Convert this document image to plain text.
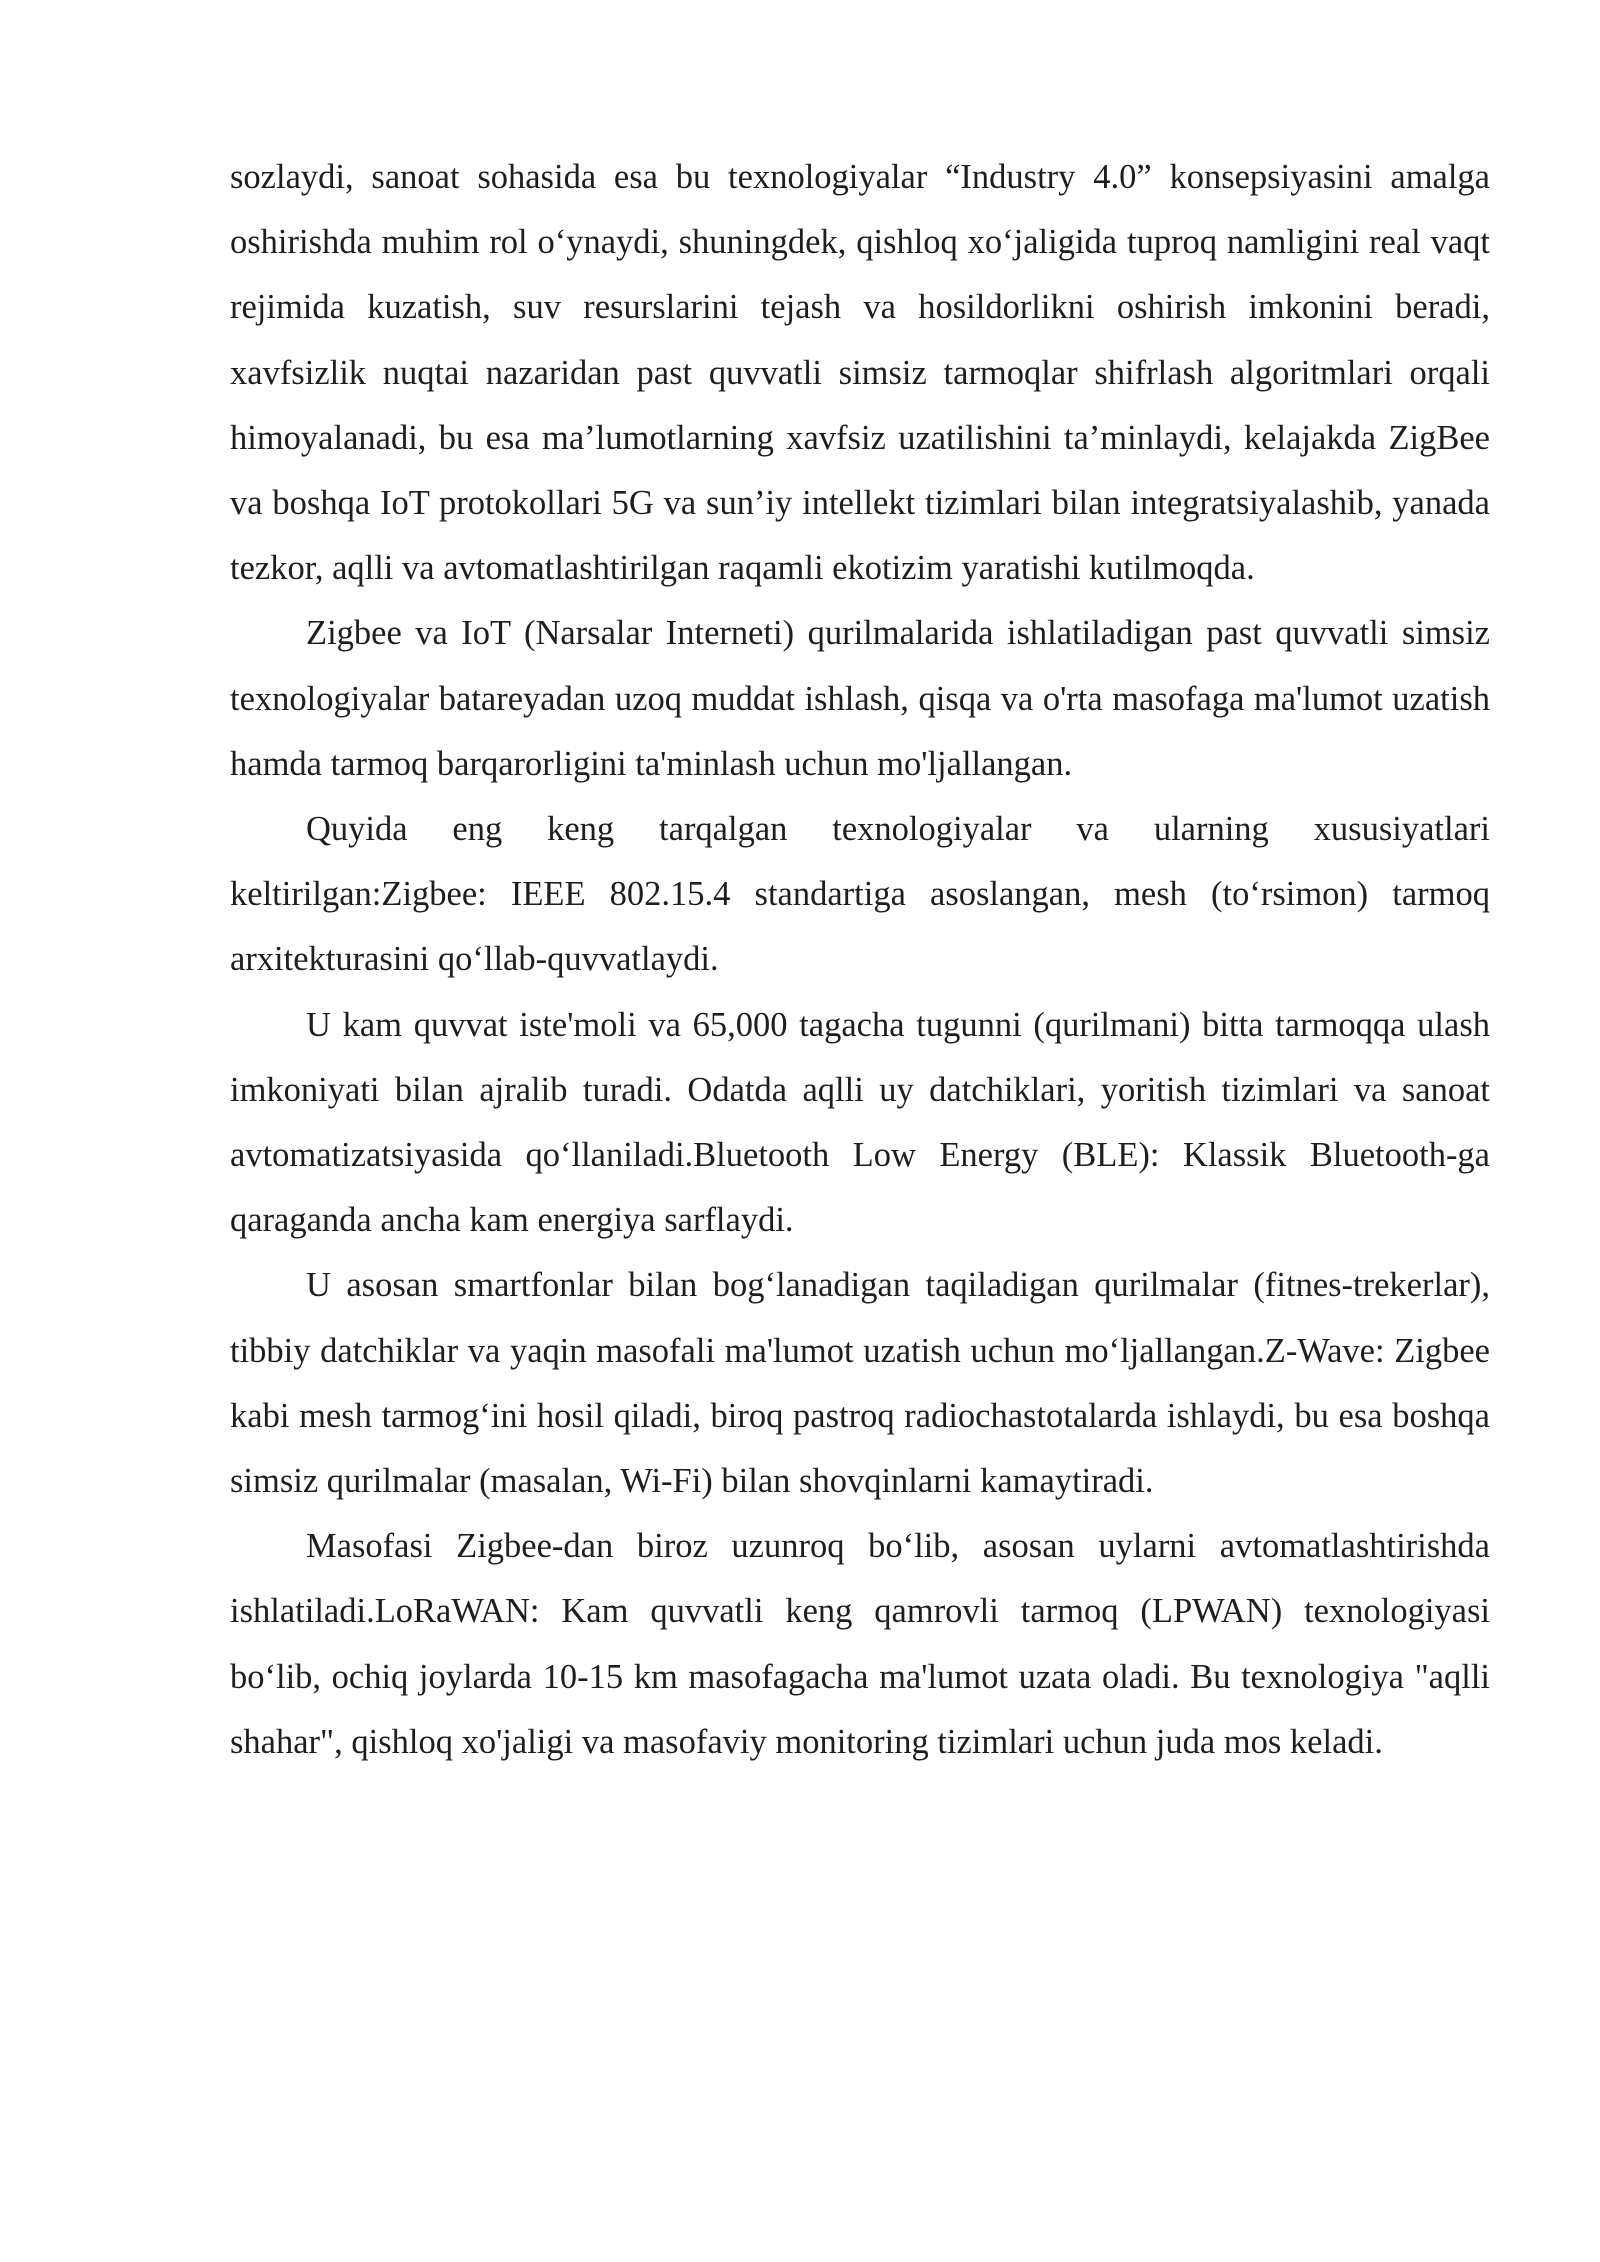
sozlaydi, sanoat sohasida esa bu texnologiyalar “Industry 4.0” konsepsiyasini amalga oshirishda muhim rol o‘ynaydi, shuningdek, qishloq xo‘jaligida tuproq namligini real vaqt rejimida kuzatish, suv resurslarini tejash va hosildorlikni oshirish imkonini beradi, xavfsizlik nuqtai nazaridan past quvvatli simsiz tarmoqlar shifrlash algoritmlari orqali himoyalanadi, bu esa ma’lumotlarning xavfsiz uzatilishini ta’minlaydi, kelajakda ZigBee va boshqa IoT protokollari 5G va sun’iy intellekt tizimlari bilan integratsiyalashib, yanada tezkor, aqlli va avtomatlashtirilgan raqamli ekotizim yaratishi kutilmoqda.

Zigbee va IoT (Narsalar Interneti) qurilmalarida ishlatiladigan past quvvatli simsiz texnologiyalar batareyadan uzoq muddat ishlash, qisqa va o'rta masofaga ma'lumot uzatish hamda tarmoq barqarorligini ta'minlash uchun mo'ljallangan.

Quyida eng keng tarqalgan texnologiyalar va ularning xususiyatlari keltirilgan:Zigbee: IEEE 802.15.4 standartiga asoslangan, mesh (to‘rsimon) tarmoq arxitekturasini qo‘llab-quvvatlaydi.

U kam quvvat iste'moli va 65,000 tagacha tugunni (qurilmani) bitta tarmoqqa ulash imkoniyati bilan ajralib turadi. Odatda aqlli uy datchiklari, yoritish tizimlari va sanoat avtomatizatsiyasida qo‘llaniladi.Bluetooth Low Energy (BLE): Klassik Bluetooth-ga qaraganda ancha kam energiya sarflaydi.

U asosan smartfonlar bilan bog‘lanadigan taqiladigan qurilmalar (fitnes-trekerlar), tibbiy datchiklar va yaqin masofali ma'lumot uzatish uchun mo‘ljallangan.Z-Wave: Zigbee kabi mesh tarmog‘ini hosil qiladi, biroq pastroq radiochastotalarda ishlaydi, bu esa boshqa simsiz qurilmalar (masalan, Wi-Fi) bilan shovqinlarni kamaytiradi.

Masofasi Zigbee-dan biroz uzunroq bo‘lib, asosan uylarni avtomatlashtirishda ishlatiladi.LoRaWAN: Kam quvvatli keng qamrovli tarmoq (LPWAN) texnologiyasi bo‘lib, ochiq joylarda 10-15 km masofagacha ma'lumot uzata oladi. Bu texnologiya "aqlli shahar", qishloq xo'jaligi va masofaviy monitoring tizimlari uchun juda mos keladi.
